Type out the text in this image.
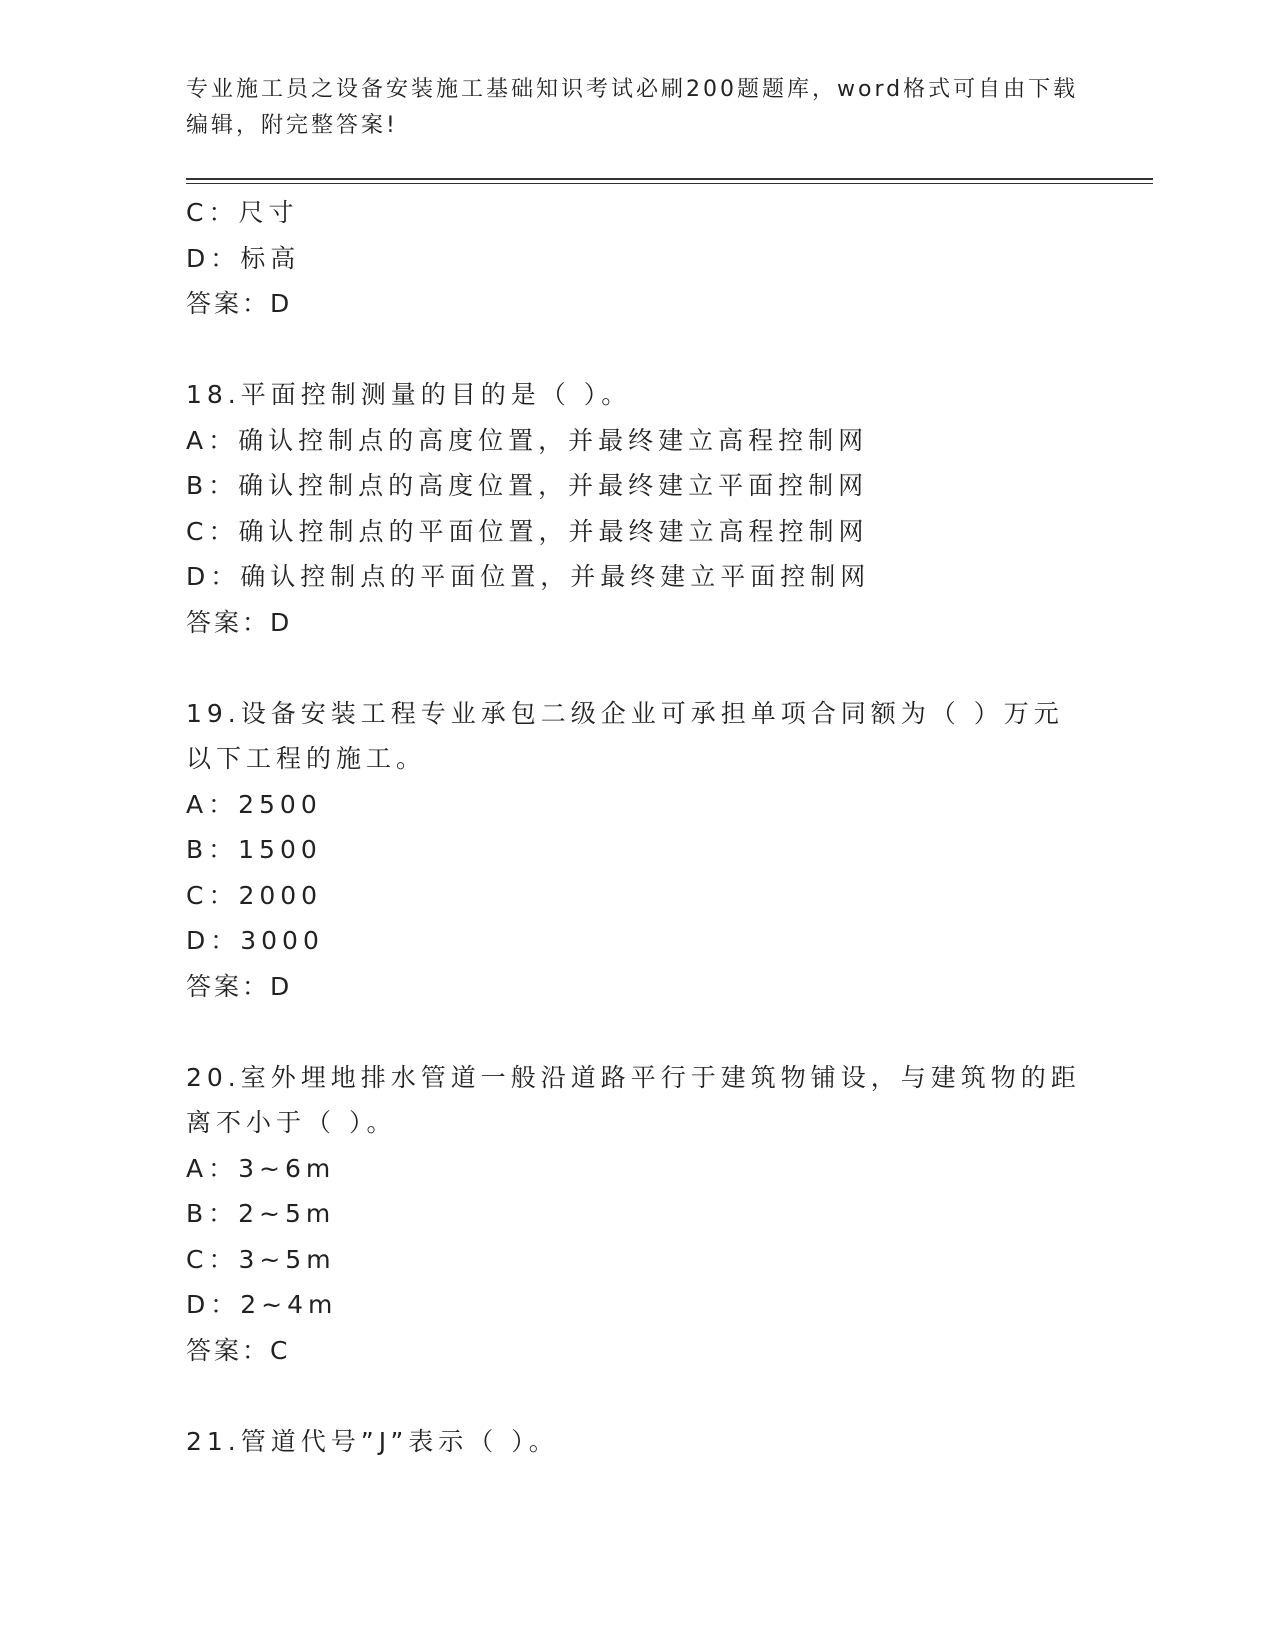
专业施工员之设备安装施工基础知识考试必刷200题题库，word格式可自由下载编辑，附完整答案!
C：尺寸
D：标高
答案：D
18.平面控制测量的目的是（ ）。
A：确认控制点的高度位置，并最终建立高程控制网
B：确认控制点的高度位置，并最终建立平面控制网
C：确认控制点的平面位置，并最终建立高程控制网
D：确认控制点的平面位置，并最终建立平面控制网
答案：D
19.设备安装工程专业承包二级企业可承担单项合同额为（ ）万元以下工程的施工。
A：2500
B：1500
C：2000
D：3000
答案：D
20.室外埋地排水管道一般沿道路平行于建筑物铺设，与建筑物的距离不小于（ ）。
A：3~6m
B：2~5m
C：3~5m
D：2~4m
答案：C
21.管道代号”J”表示（ ）。
